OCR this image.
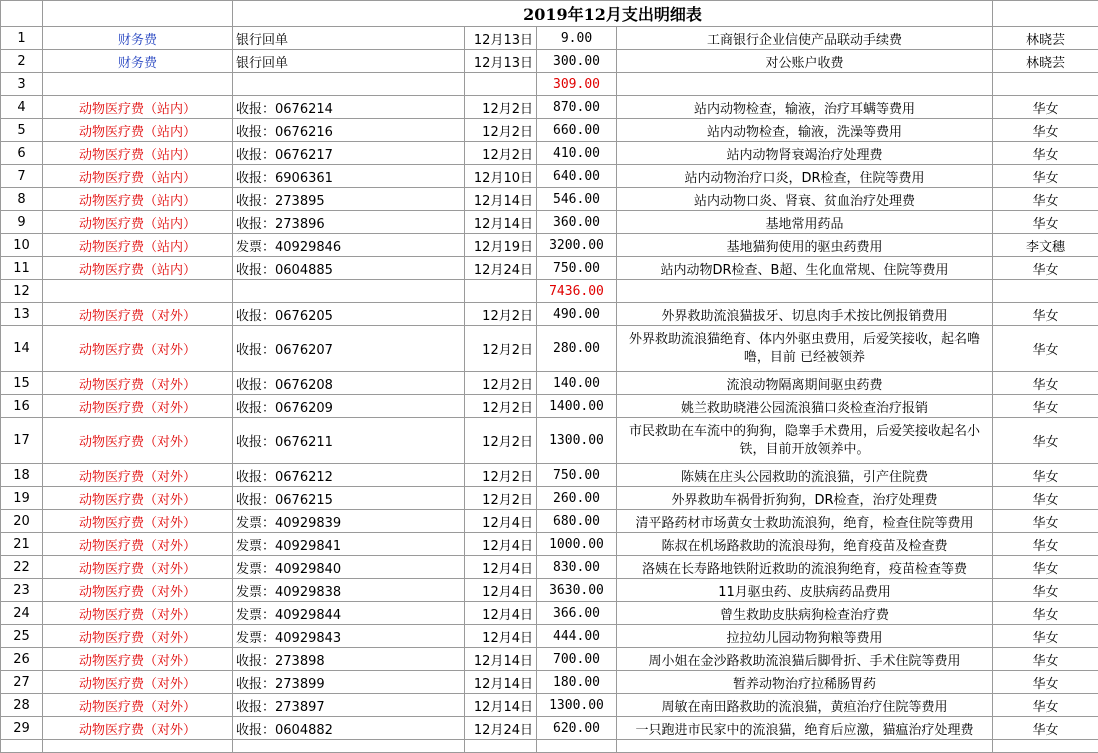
		2019年12月支出明细表				
1	财务费	银行回单	12月13日	9.00	工商银行企业信使产品联动手续费	林晓芸
2	财务费	银行回单	12月13日	300.00	对公账户收费	林晓芸
3				309.00		
4	动物医疗费（站内）	收报：0676214	12月2日	870.00	站内动物检查，输液，治疗耳螨等费用	华女
5	动物医疗费（站内）	收报：0676216	12月2日	660.00	站内动物检查，输液，洗澡等费用	华女
6	动物医疗费（站内）	收报：0676217	12月2日	410.00	站内动物肾衰竭治疗处理费	华女
7	动物医疗费（站内）	收报：6906361	12月10日	640.00	站内动物治疗口炎，DR检查，住院等费用	华女
8	动物医疗费（站内）	收报：273895	12月14日	546.00	站内动物口炎、肾衰、贫血治疗处理费	华女
9	动物医疗费（站内）	收报：273896	12月14日	360.00	基地常用药品	华女
10	动物医疗费（站内）	发票：40929846	12月19日	3200.00	基地猫狗使用的驱虫药费用	李文穗
11	动物医疗费（站内）	收报：0604885	12月24日	750.00	站内动物DR检查、B超、生化血常规、住院等费用	华女
12				7436.00		
13	动物医疗费（对外）	收报：0676205	12月2日	490.00	外界救助流浪猫拔牙、切息肉手术按比例报销费用	华女
14	动物医疗费（对外）	收报：0676207	12月2日	280.00	外界救助流浪猫绝育、体内外驱虫费用，后爱笑接收，起名噜噜，目前 已经被领养	华女
15	动物医疗费（对外）	收报：0676208	12月2日	140.00	流浪动物隔离期间驱虫药费	华女
16	动物医疗费（对外）	收报：0676209	12月2日	1400.00	姚兰救助晓港公园流浪猫口炎检查治疗报销	华女
17	动物医疗费（对外）	收报：0676211	12月2日	1300.00	市民救助在车流中的狗狗，隐睾手术费用，后爱笑接收起名小铁，目前开放领养中。	华女
18	动物医疗费（对外）	收报：0676212	12月2日	750.00	陈姨在庄头公园救助的流浪猫，引产住院费	华女
19	动物医疗费（对外）	收报：0676215	12月2日	260.00	外界救助车祸骨折狗狗，DR检查，治疗处理费	华女
20	动物医疗费（对外）	发票：40929839	12月4日	680.00	清平路药材市场黄女士救助流浪狗，绝育，检查住院等费用	华女
21	动物医疗费（对外）	发票：40929841	12月4日	1000.00	陈叔在机场路救助的流浪母狗，绝育疫苗及检查费	华女
22	动物医疗费（对外）	发票：40929840	12月4日	830.00	洛姨在长寿路地铁附近救助的流浪狗绝育，疫苗检查等费	华女
23	动物医疗费（对外）	发票：40929838	12月4日	3630.00	11月驱虫药、皮肤病药品费用	华女
24	动物医疗费（对外）	发票：40929844	12月4日	366.00	曾生救助皮肤病狗检查治疗费	华女
25	动物医疗费（对外）	发票：40929843	12月4日	444.00	拉拉幼儿园动物狗粮等费用	华女
26	动物医疗费（对外）	收报：273898	12月14日	700.00	周小姐在金沙路救助流浪猫后脚骨折、手术住院等费用	华女
27	动物医疗费（对外）	收报：273899	12月14日	180.00	暂养动物治疗拉稀肠胃药	华女
28	动物医疗费（对外）	收报：273897	12月14日	1300.00	周敏在南田路救助的流浪猫，黄疸治疗住院等费用	华女
29	动物医疗费（对外）	收报：0604882	12月24日	620.00	一只跑进市民家中的流浪猫，绝育后应激，猫瘟治疗处理费	华女
